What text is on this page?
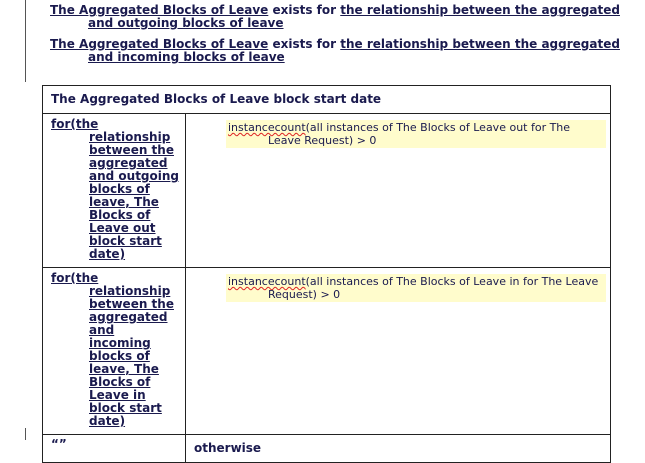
The Aggregated Blocks of Leave exists for the relationship between the aggregated and outgoing blocks of leave
The Aggregated Blocks of Leave exists for the relationship between the aggregated and incoming blocks of leave
The Aggregated Blocks of Leave block start date	

for(the relationship between the aggregated and outgoing blocks of leave, The Blocks of Leave out block start date)	instancecount(all instances of The Blocks of Leave out for The Leave Request) > 0

for(the relationship between the aggregated and incoming blocks of leave, The Blocks of Leave in block start date)	instancecount(all instances of The Blocks of Leave in for The Leave Request) > 0

“”	otherwise
